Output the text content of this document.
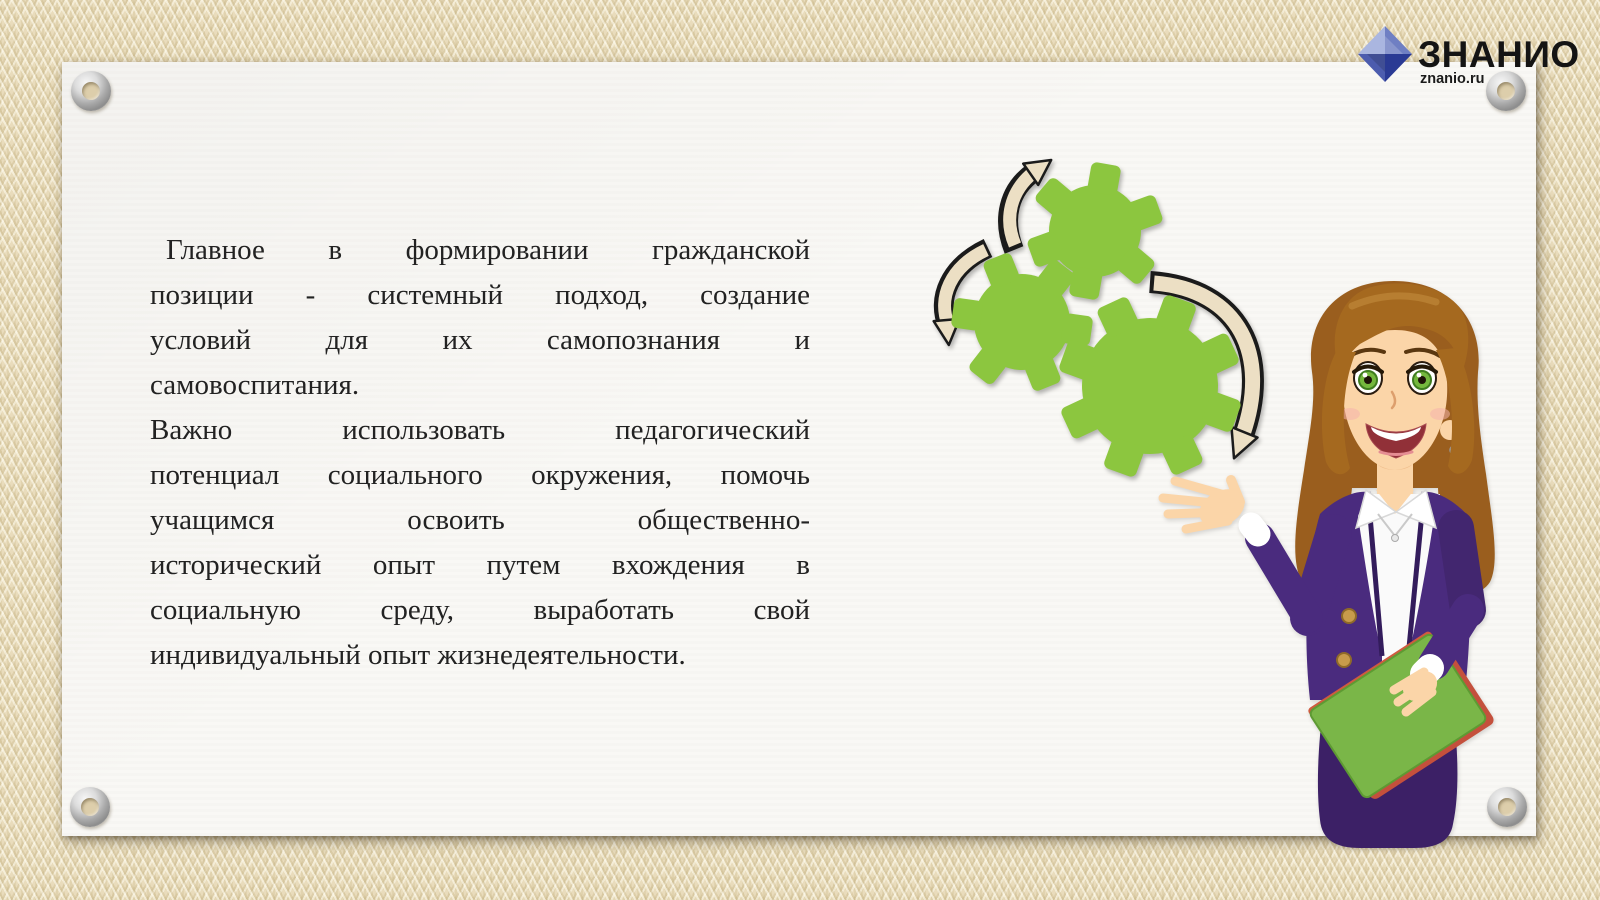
Главное в формировании гражданской
позиции - системный подход, создание
условий для их самопознания и
самовоспитания.
Важно использовать педагогический
потенциал социального окружения, помочь
учащимся освоить общественно-
исторический опыт путем вхождения в
социальную среду, выработать свой
индивидуальный опыт жизнедеятельности.
ЗНАНИО
znanio.ru
